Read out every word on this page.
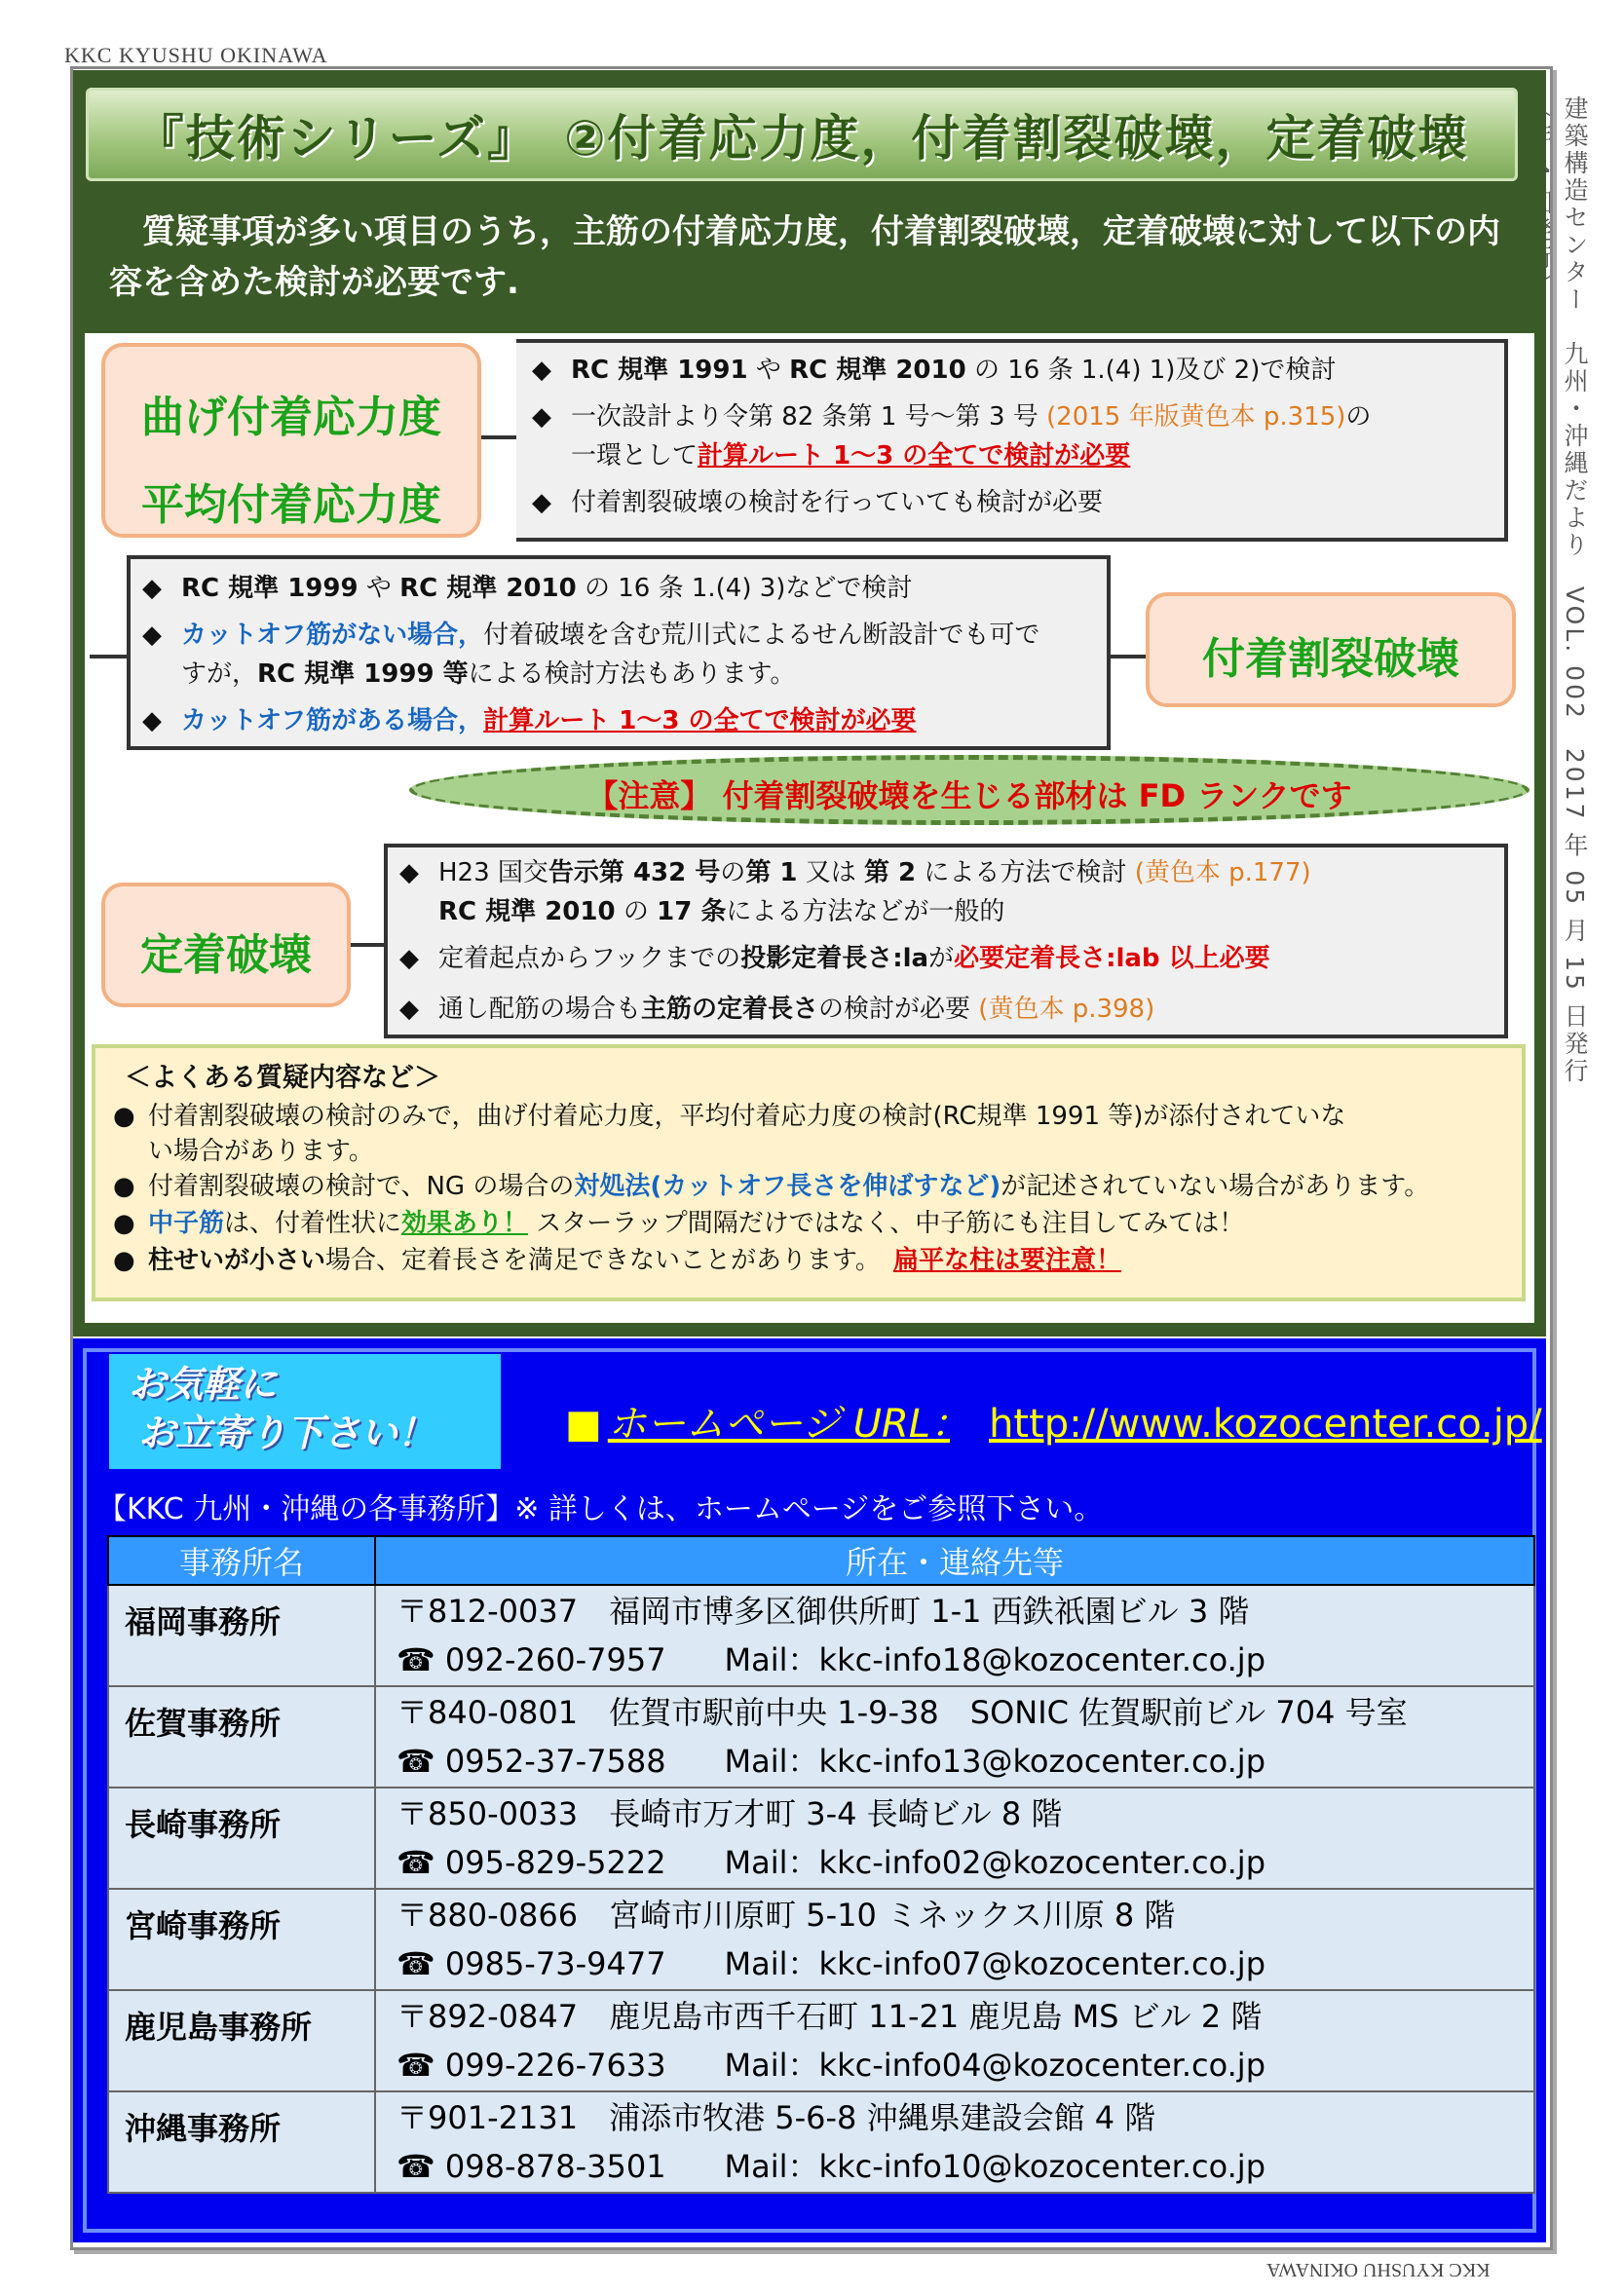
KKC KYUSHU OKINAWA
建築構造センター　九州・沖縄だより　VOL. 002　2017 年 05 月 15 日発行
『技術シリーズ』　②付着応力度，付着割裂破壊，定着破壊
質疑事項が多い項目のうち，主筋の付着応力度，付着割裂破壊，定着破壊に対して以下の内容を含めた検討が必要です.
曲げ付着応力度
平均付着応力度
◆ RC 規準 1991 や RC 規準 2010 の 16 条 1.(4) 1)及び 2)で検討
◆ 一次設計より令第 82 条第 1 号～第 3 号 (2015 年版黄色本 p.315)の
一環として計算ルート 1～3 の全てで検討が必要
◆ 付着割裂破壊の検討を行っていても検討が必要
付着割裂破壊
◆ RC 規準 1999 や RC 規準 2010 の 16 条 1.(4) 3)などで検討
◆ カットオフ筋がない場合，付着破壊を含む荒川式によるせん断設計でも可で
すが，RC 規準 1999 等による検討方法もあります。
◆ カットオフ筋がある場合，計算ルート 1～3 の全てで検討が必要
【注意】 付着割裂破壊を生じる部材は FD ランクです
定着破壊
◆ H23 国交告示第 432 号の第 1 又は 第 2 による方法で検討 (黄色本 p.177)
RC 規準 2010 の 17 条による方法などが一般的
◆ 定着起点からフックまでの投影定着長さ:laが必要定着長さ:lab 以上必要
◆ 通し配筋の場合も主筋の定着長さの検討が必要 (黄色本 p.398)
＜よくある質疑内容など＞
● 付着割裂破壊の検討のみで，曲げ付着応力度，平均付着応力度の検討(RC規準 1991 等)が添付されていな
い場合があります。
● 付着割裂破壊の検討で、NG の場合の対処法(カットオフ長さを伸ばすなど)が記述されていない場合があります。
● 中子筋は、付着性状に効果あり！ スターラップ間隔だけではなく、中子筋にも注目してみては！
● 柱せいが小さい場合、定着長さを満足できないことがあります。　 扁平な柱は要注意！
お気軽に
お立寄り下さい！	■ ホームページ URL：　 http://www.kozocenter.co.jp/
【KKC 九州・沖縄の各事務所】※ 詳しくは、ホームページをご参照下さい。
事務所名	所在・連絡先等
福岡事務所	〒812-0037　福岡市博多区御供所町 1-1 西鉄祇園ビル 3 階
☎ 092-260-7957 Mail：kkc-info18@kozocenter.co.jp

佐賀事務所	〒840-0801　佐賀市駅前中央 1-9-38　SONIC 佐賀駅前ビル 704 号室
☎ 0952-37-7588 Mail：kkc-info13@kozocenter.co.jp

長崎事務所	〒850-0033　長崎市万才町 3-4 長崎ビル 8 階
☎ 095-829-5222 Mail：kkc-info02@kozocenter.co.jp

宮崎事務所	〒880-0866　宮崎市川原町 5-10 ミネックス川原 8 階
☎ 0985-73-9477 Mail：kkc-info07@kozocenter.co.jp

鹿児島事務所	〒892-0847　鹿児島市西千石町 11-21 鹿児島 MS ビル 2 階
☎ 099-226-7633 Mail：kkc-info04@kozocenter.co.jp

沖縄事務所	〒901-2131　浦添市牧港 5-6-8 沖縄県建設会館 4 階
☎ 098-878-3501 Mail：kkc-info10@kozocenter.co.jp
KKC KYUSHU OKINAWA
